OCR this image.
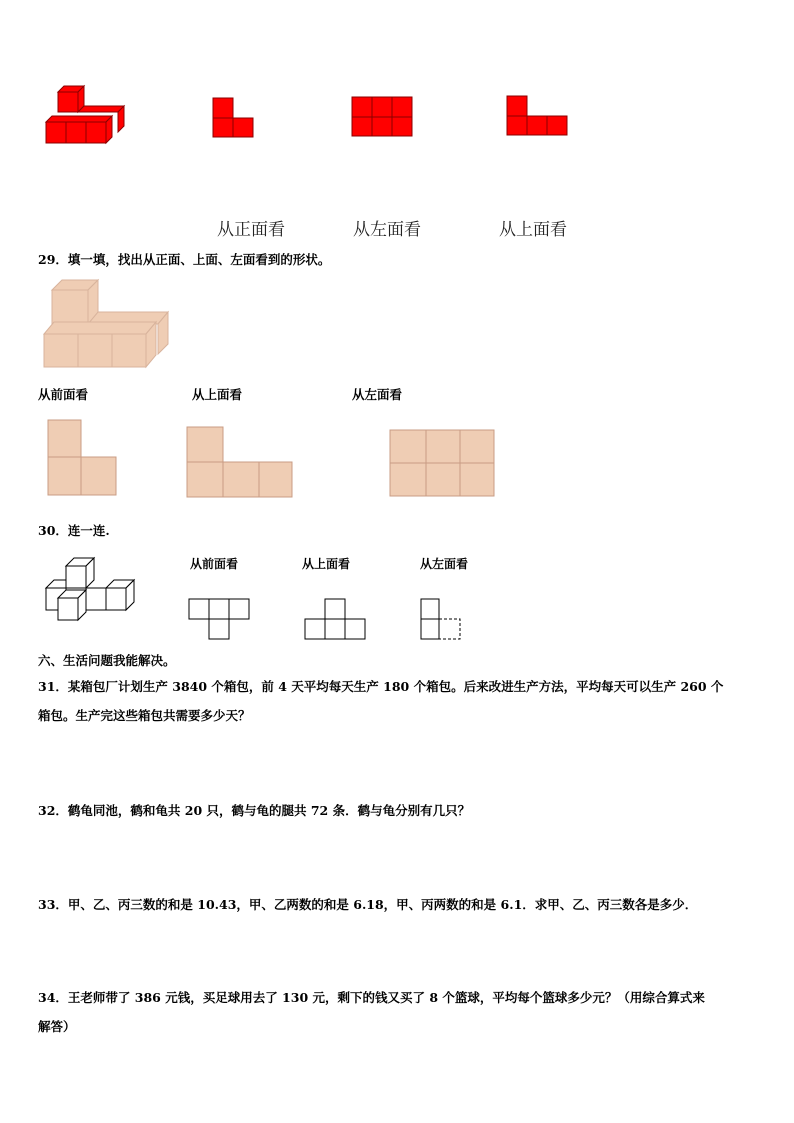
从正面看	从左面看	从上面看
29．填一填，找出从正面、上面、左面看到的形状。
从前面看	从上面看	从左面看
30．连一连.
从前面看	从上面看	从左面看
六、生活问题我能解决。
31．某箱包厂计划生产 3840 个箱包，前 4 天平均每天生产 180 个箱包。后来改进生产方法，平均每天可以生产 260 个
箱包。生产完这些箱包共需要多少天？
32．鹤龟同池，鹤和龟共 20 只，鹤与龟的腿共 72 条．鹤与龟分别有几只？
33．甲、乙、丙三数的和是 10.43，甲、乙两数的和是 6.18，甲、丙两数的和是 6.1．求甲、乙、丙三数各是多少．
34．王老师带了 386 元钱，买足球用去了 130 元，剩下的钱又买了 8 个篮球，平均每个篮球多少元？（用综合算式来
解答）
